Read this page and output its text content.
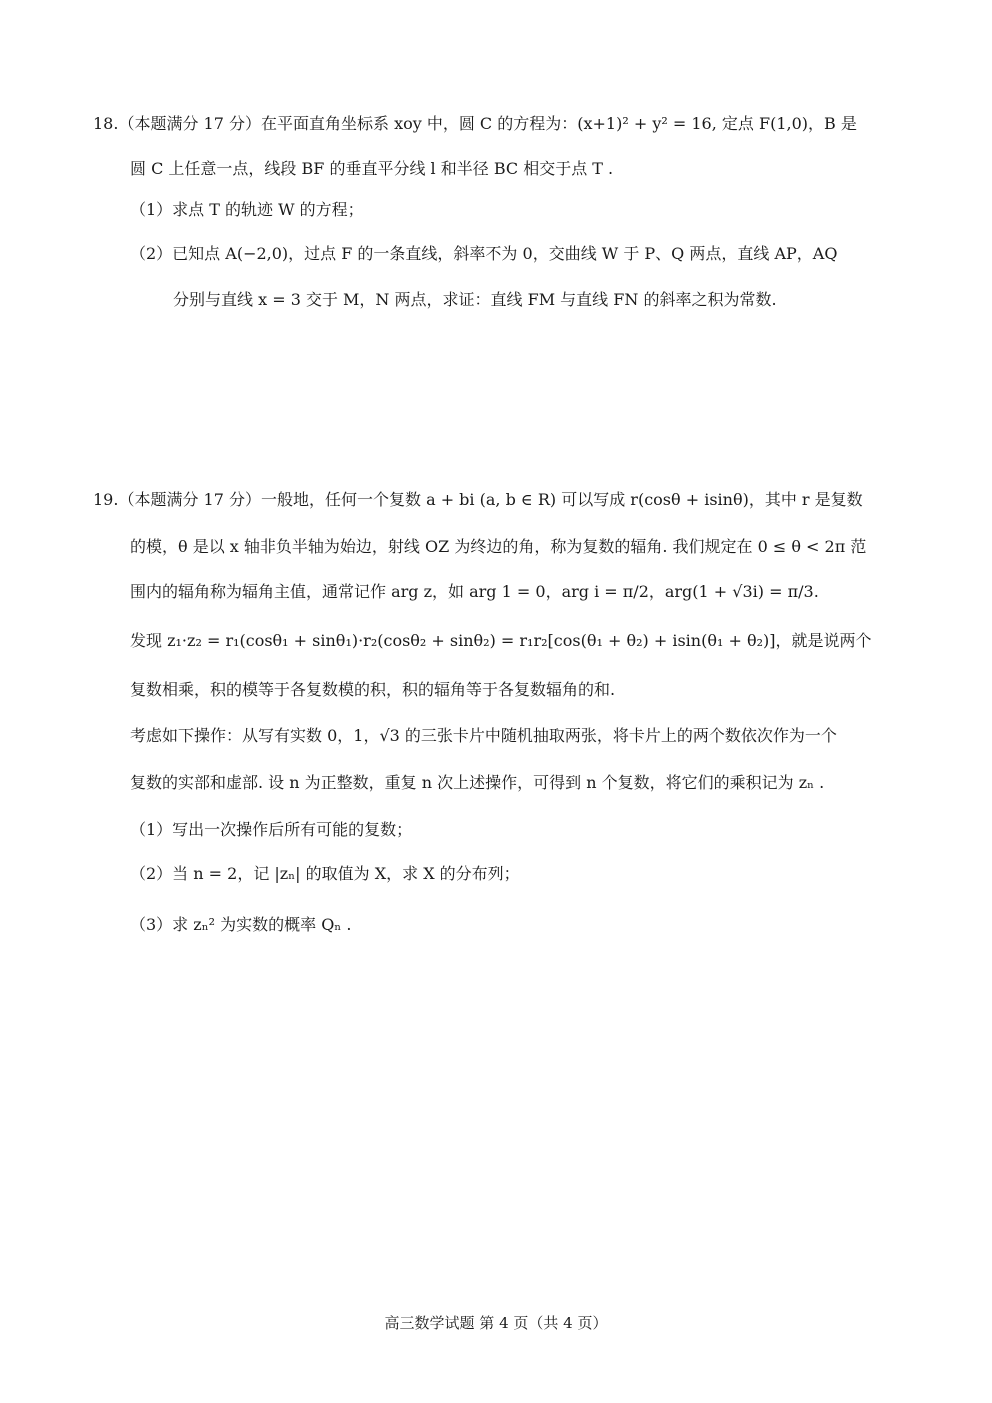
18.（本题满分 17 分）在平面直角坐标系 xoy 中，圆 C 的方程为：(x+1)² + y² = 16, 定点 F(1,0)，B 是
圆 C 上任意一点，线段 BF 的垂直平分线 l 和半径 BC 相交于点 T .
（1）求点 T 的轨迹 W 的方程；
（2）已知点 A(−2,0)，过点 F 的一条直线，斜率不为 0，交曲线 W 于 P、Q 两点，直线 AP，AQ
分别与直线 x = 3 交于 M，N 两点，求证：直线 FM 与直线 FN 的斜率之积为常数.
19.（本题满分 17 分）一般地，任何一个复数 a + bi (a, b ∈ R) 可以写成 r(cosθ + isinθ)，其中 r 是复数
的模，θ 是以 x 轴非负半轴为始边，射线 OZ 为终边的角，称为复数的辐角. 我们规定在 0 ≤ θ < 2π 范
围内的辐角称为辐角主值，通常记作 arg z，如 arg 1 = 0，arg i = π/2，arg(1 + √3i) = π/3.
发现 z₁·z₂ = r₁(cosθ₁ + sinθ₁)·r₂(cosθ₂ + sinθ₂) = r₁r₂[cos(θ₁ + θ₂) + isin(θ₁ + θ₂)]，就是说两个
复数相乘，积的模等于各复数模的积，积的辐角等于各复数辐角的和.
考虑如下操作：从写有实数 0，1，√3 的三张卡片中随机抽取两张，将卡片上的两个数依次作为一个
复数的实部和虚部. 设 n 为正整数，重复 n 次上述操作，可得到 n 个复数，将它们的乘积记为 zₙ .
（1）写出一次操作后所有可能的复数；
（2）当 n = 2，记 |zₙ| 的取值为 X，求 X 的分布列；
（3）求 zₙ² 为实数的概率 Qₙ .
高三数学试题 第 4 页（共 4 页）
